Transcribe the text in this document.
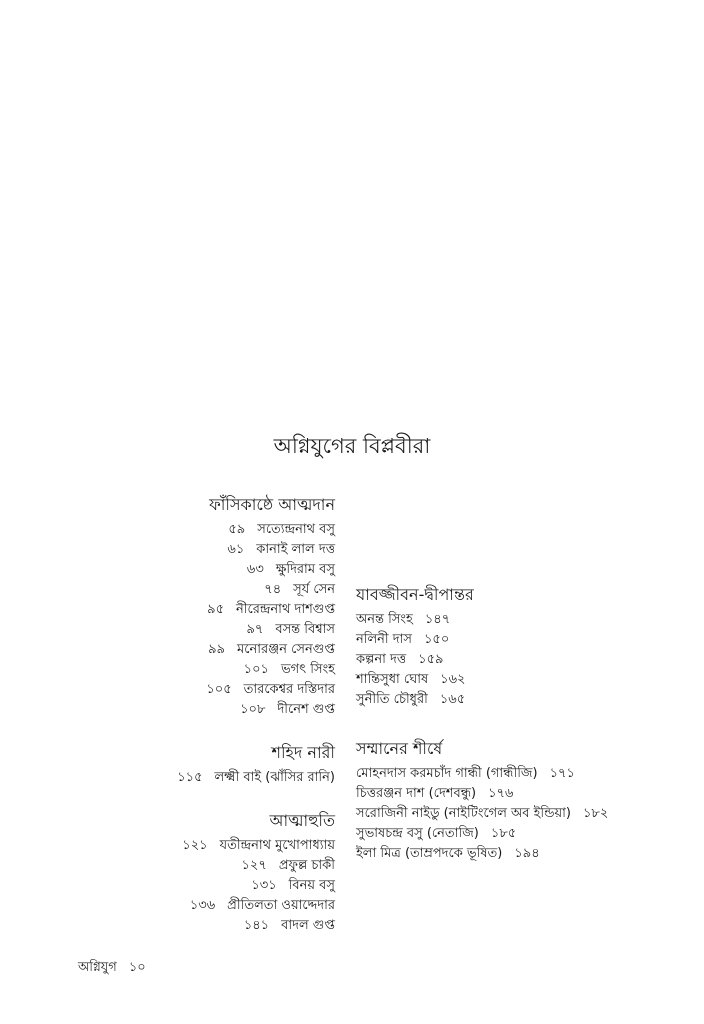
অগ্নিযুগের বিপ্লবীরা
ফাঁসিকাষ্ঠে আত্মদান
৫৯ সত্যেন্দ্রনাথ বসু
৬১ কানাই লাল দত্ত
৬৩ ক্ষুদিরাম বসু
৭৪ সূর্য সেন
৯৫ নীরেন্দ্রনাথ দাশগুপ্ত
৯৭ বসন্ত বিশ্বাস
৯৯ মনোরঞ্জন সেনগুপ্ত
১০১ ভগৎ সিংহ
১০৫ তারকেশ্বর দস্তিদার
১০৮ দীনেশ গুপ্ত
শহিদ নারী
১১৫ লক্ষ্মী বাই (ঝাঁসির রানি)
আত্মাহুতি
১২১ যতীন্দ্রনাথ মুখোপাধ্যায়
১২৭ প্রফুল্ল চাকী
১৩১ বিনয় বসু
১৩৬ প্রীতিলতা ওয়াদ্দেদার
১৪১ বাদল গুপ্ত
যাবজ্জীবন-দ্বীপান্তর
অনন্ত সিংহ ১৪৭
নলিনী দাস ১৫০
কল্পনা দত্ত ১৫৯
শান্তিসুধা ঘোষ ১৬২
সুনীতি চৌধুরী ১৬৫
সম্মানের শীর্ষে
মোহনদাস করমচাঁদ গান্ধী (গান্ধীজি) ১৭১
চিত্তরঞ্জন দাশ (দেশবন্ধু) ১৭৬
সরোজিনী নাইডু (নাইটিংগেল অব ইন্ডিয়া) ১৮২
সুভাষচন্দ্র বসু (নেতাজি) ১৮৫
ইলা মিত্র (তাম্রপদকে ভূষিত) ১৯৪
অগ্নিযুগ ১০
